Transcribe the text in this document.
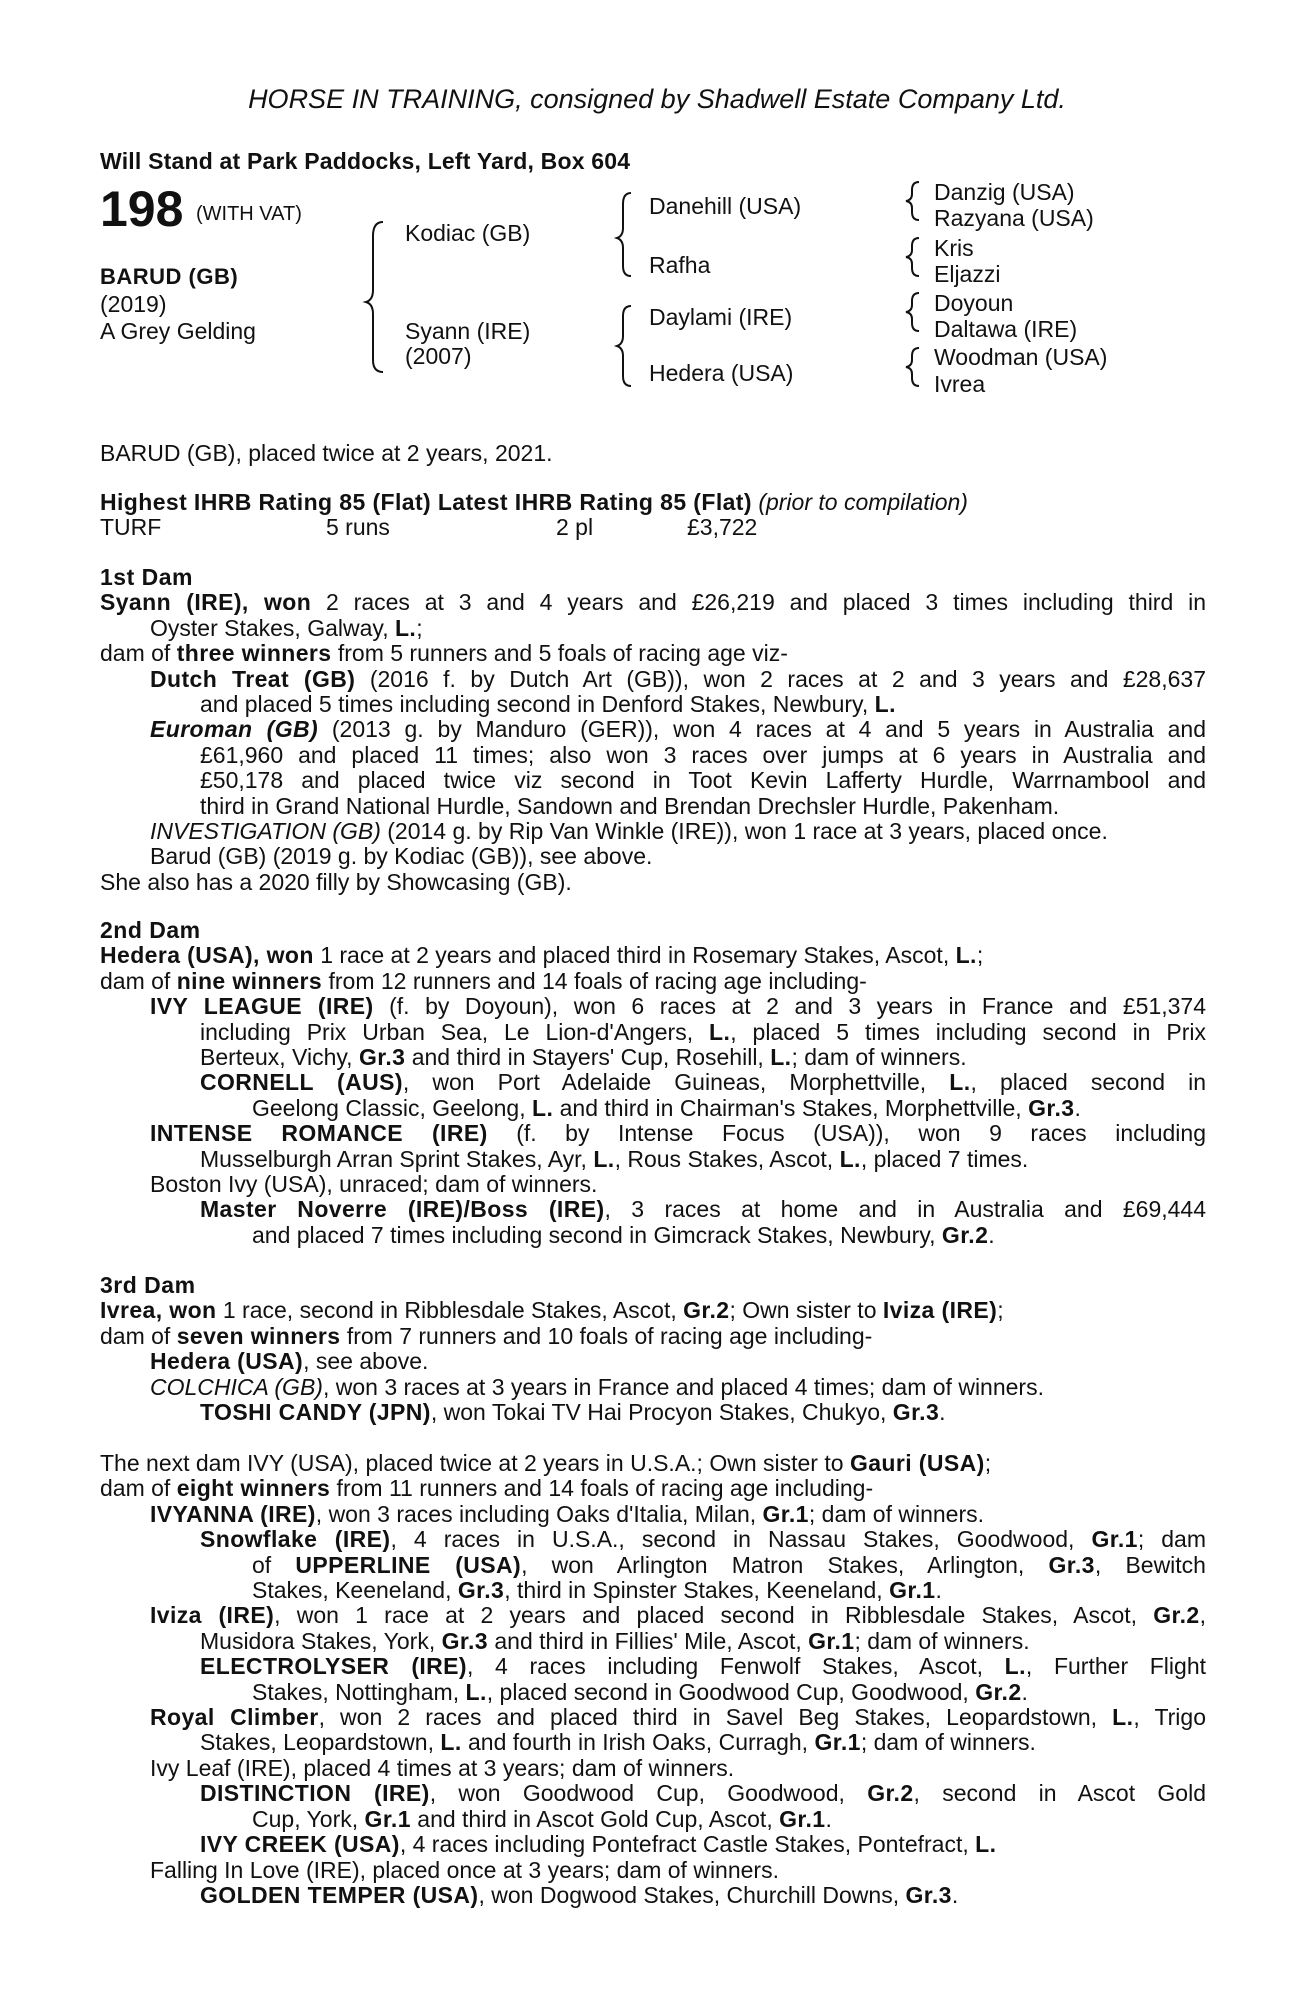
HORSE IN TRAINING, consigned by Shadwell Estate Company Ltd.
Will Stand at Park Paddocks, Left Yard, Box 604
198 (WITH VAT)
BARUD (GB)
(2019)
A Grey Gelding
Kodiac (GB)
Syann (IRE)
(2007)
Danehill (USA)
Rafha
Daylami (IRE)
Hedera (USA)
Danzig (USA)
Razyana (USA)
Kris
Eljazzi
Doyoun
Daltawa (IRE)
Woodman (USA)
Ivrea
BARUD (GB), placed twice at 2 years, 2021.
Highest IHRB Rating 85 (Flat) Latest IHRB Rating 85 (Flat) (prior to compilation)
TURF	5 runs	2 pl	£3,722
1st Dam
Syann (IRE), won 2 races at 3 and 4 years and £26,219 and placed 3 times including third in
Oyster Stakes, Galway, L.;
dam of three winners from 5 runners and 5 foals of racing age viz-
Dutch Treat (GB) (2016 f. by Dutch Art (GB)), won 2 races at 2 and 3 years and £28,637
and placed 5 times including second in Denford Stakes, Newbury, L.
Euroman (GB) (2013 g. by Manduro (GER)), won 4 races at 4 and 5 years in Australia and
£61,960 and placed 11 times; also won 3 races over jumps at 6 years in Australia and
£50,178 and placed twice viz second in Toot Kevin Lafferty Hurdle, Warrnambool and
third in Grand National Hurdle, Sandown and Brendan Drechsler Hurdle, Pakenham.
INVESTIGATION (GB) (2014 g. by Rip Van Winkle (IRE)), won 1 race at 3 years, placed once.
Barud (GB) (2019 g. by Kodiac (GB)), see above.
She also has a 2020 filly by Showcasing (GB).
2nd Dam
Hedera (USA), won 1 race at 2 years and placed third in Rosemary Stakes, Ascot, L.;
dam of nine winners from 12 runners and 14 foals of racing age including-
IVY LEAGUE (IRE) (f. by Doyoun), won 6 races at 2 and 3 years in France and £51,374
including Prix Urban Sea, Le Lion-d'Angers, L., placed 5 times including second in Prix
Berteux, Vichy, Gr.3 and third in Stayers' Cup, Rosehill, L.; dam of winners.
CORNELL (AUS), won Port Adelaide Guineas, Morphettville, L., placed second in
Geelong Classic, Geelong, L. and third in Chairman's Stakes, Morphettville, Gr.3.
INTENSE ROMANCE (IRE) (f. by Intense Focus (USA)), won 9 races including
Musselburgh Arran Sprint Stakes, Ayr, L., Rous Stakes, Ascot, L., placed 7 times.
Boston Ivy (USA), unraced; dam of winners.
Master Noverre (IRE)/Boss (IRE), 3 races at home and in Australia and £69,444
and placed 7 times including second in Gimcrack Stakes, Newbury, Gr.2.
3rd Dam
Ivrea, won 1 race, second in Ribblesdale Stakes, Ascot, Gr.2; Own sister to Iviza (IRE);
dam of seven winners from 7 runners and 10 foals of racing age including-
Hedera (USA), see above.
COLCHICA (GB), won 3 races at 3 years in France and placed 4 times; dam of winners.
TOSHI CANDY (JPN), won Tokai TV Hai Procyon Stakes, Chukyo, Gr.3.
The next dam IVY (USA), placed twice at 2 years in U.S.A.; Own sister to Gauri (USA);
dam of eight winners from 11 runners and 14 foals of racing age including-
IVYANNA (IRE), won 3 races including Oaks d'Italia, Milan, Gr.1; dam of winners.
Snowflake (IRE), 4 races in U.S.A., second in Nassau Stakes, Goodwood, Gr.1; dam
of UPPERLINE (USA), won Arlington Matron Stakes, Arlington, Gr.3, Bewitch
Stakes, Keeneland, Gr.3, third in Spinster Stakes, Keeneland, Gr.1.
Iviza (IRE), won 1 race at 2 years and placed second in Ribblesdale Stakes, Ascot, Gr.2,
Musidora Stakes, York, Gr.3 and third in Fillies' Mile, Ascot, Gr.1; dam of winners.
ELECTROLYSER (IRE), 4 races including Fenwolf Stakes, Ascot, L., Further Flight
Stakes, Nottingham, L., placed second in Goodwood Cup, Goodwood, Gr.2.
Royal Climber, won 2 races and placed third in Savel Beg Stakes, Leopardstown, L., Trigo
Stakes, Leopardstown, L. and fourth in Irish Oaks, Curragh, Gr.1; dam of winners.
Ivy Leaf (IRE), placed 4 times at 3 years; dam of winners.
DISTINCTION (IRE), won Goodwood Cup, Goodwood, Gr.2, second in Ascot Gold
Cup, York, Gr.1 and third in Ascot Gold Cup, Ascot, Gr.1.
IVY CREEK (USA), 4 races including Pontefract Castle Stakes, Pontefract, L.
Falling In Love (IRE), placed once at 3 years; dam of winners.
GOLDEN TEMPER (USA), won Dogwood Stakes, Churchill Downs, Gr.3.
